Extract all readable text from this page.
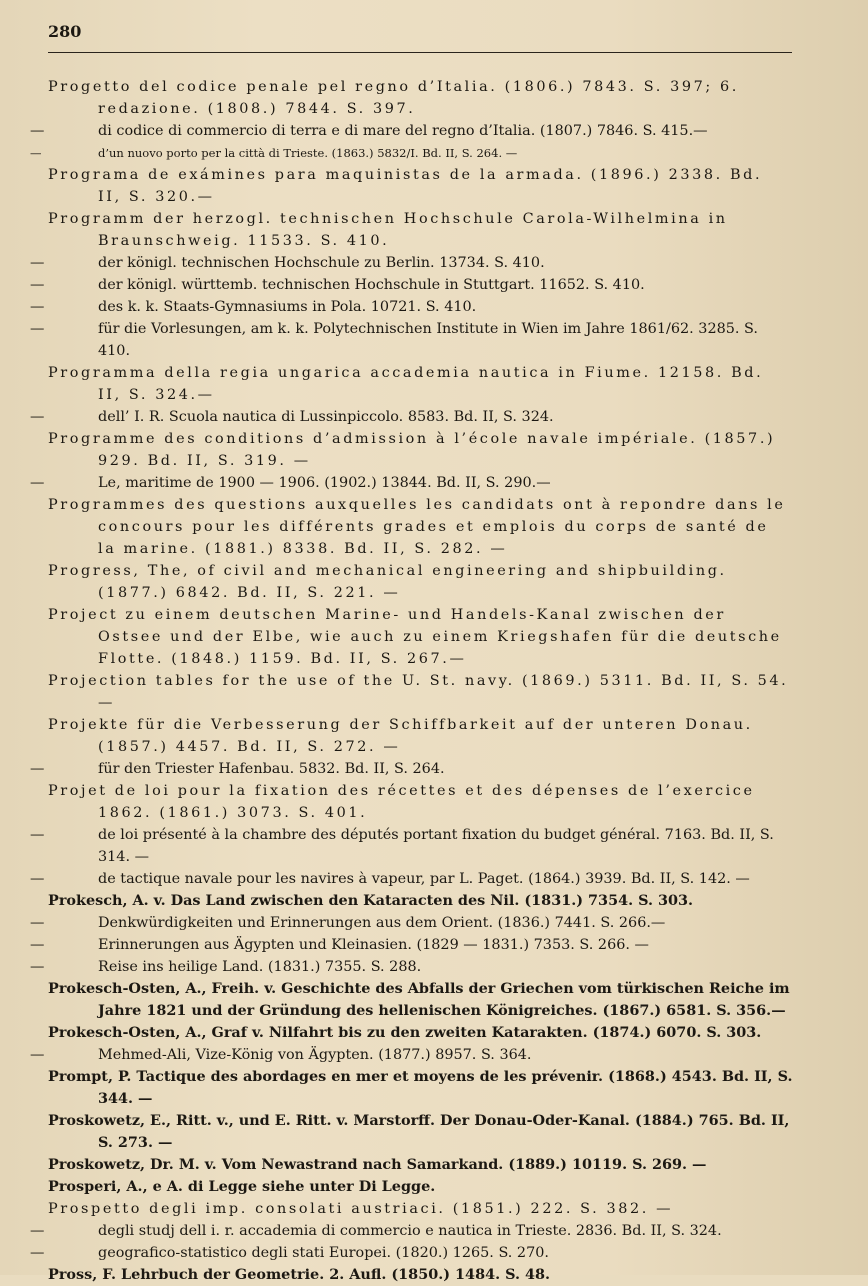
280
Progetto del codice penale pel regno d’Italia. (1806.) 7843. S. 397; 6. redazione. (1808.) 7844. S. 397.
—	di codice di commercio di terra e di mare del regno d’Italia. (1807.) 7846. S. 415.—
—	d’un nuovo porto per la città di Trieste. (1863.) 5832/I. Bd. II, S. 264. —
Programa de exámines para maquinistas de la armada. (1896.) 2338. Bd. II, S. 320.—
Programm der herzogl. technischen Hochschule Carola-Wilhelmina in Braunschweig. 11533. S. 410.
—	der königl. technischen Hochschule zu Berlin. 13734. S. 410.
—	der königl. württemb. technischen Hochschule in Stuttgart. 11652. S. 410.
—	des k. k. Staats-Gymnasiums in Pola. 10721. S. 410.
—	für die Vorlesungen, am k. k. Polytechnischen Institute in Wien im Jahre 1861/62. 3285. S. 410.
Programma della regia ungarica accademia nautica in Fiume. 12158. Bd. II, S. 324.—
—	dell’ I. R. Scuola nautica di Lussinpiccolo. 8583. Bd. II, S. 324.
Programme des conditions d’admission à l’école navale impériale. (1857.) 929. Bd. II, S. 319. —
—	Le, maritime de 1900 — 1906. (1902.) 13844. Bd. II, S. 290.—
Programmes des questions auxquelles les candidats ont à repondre dans le concours pour les différents grades et emplois du corps de santé de la marine. (1881.) 8338. Bd. II, S. 282. —
Progress, The, of civil and mechanical engineering and shipbuilding. (1877.) 6842. Bd. II, S. 221. —
Project zu einem deutschen Marine- und Handels-Kanal zwischen der Ostsee und der Elbe, wie auch zu einem Kriegshafen für die deutsche Flotte. (1848.) 1159. Bd. II, S. 267.—
Projection tables for the use of the U. St. navy. (1869.) 5311. Bd. II, S. 54.—
Projekte für die Verbesserung der Schiffbarkeit auf der unteren Donau. (1857.) 4457. Bd. II, S. 272. —
—	für den Triester Hafenbau. 5832. Bd. II, S. 264.
Projet de loi pour la fixation des récettes et des dépenses de l’exercice 1862. (1861.) 3073. S. 401.
—	de loi présenté à la chambre des députés portant fixation du budget général. 7163. Bd. II, S. 314. —
—	de tactique navale pour les navires à vapeur, par L. Paget. (1864.) 3939. Bd. II, S. 142. —
Prokesch, A. v. Das Land zwischen den Kataracten des Nil. (1831.) 7354. S. 303.
—	Denkwürdigkeiten und Erinnerungen aus dem Orient. (1836.) 7441. S. 266.—
—	Erinnerungen aus Ägypten und Kleinasien. (1829 — 1831.) 7353. S. 266. —
—	Reise ins heilige Land. (1831.) 7355. S. 288.
Prokesch-Osten, A., Freih. v. Geschichte des Abfalls der Griechen vom türkischen Reiche im Jahre 1821 und der Gründung des hellenischen Königreiches. (1867.) 6581. S. 356.—
Prokesch-Osten, A., Graf v. Nilfahrt bis zu den zweiten Katarakten. (1874.) 6070. S. 303.
—	Mehmed-Ali, Vize-König von Ägypten. (1877.) 8957. S. 364.
Prompt, P. Tactique des abordages en mer et moyens de les prévenir. (1868.) 4543. Bd. II, S. 344. —
Proskowetz, E., Ritt. v., und E. Ritt. v. Marstorff. Der Donau-Oder-Kanal. (1884.) 765. Bd. II, S. 273. —
Proskowetz, Dr. M. v. Vom Newastrand nach Samarkand. (1889.) 10119. S. 269. —
Prosperi, A., e A. di Legge siehe unter Di Legge.
Prospetto degli imp. consolati austriaci. (1851.) 222. S. 382. —
—	degli studj dell i. r. accademia di commercio e nautica in Trieste. 2836. Bd. II, S. 324.
—	geografico-statistico degli stati Europei. (1820.) 1265. S. 270.
Pross, F. Lehrbuch der Geometrie. 2. Aufl. (1850.) 1484. S. 48.
